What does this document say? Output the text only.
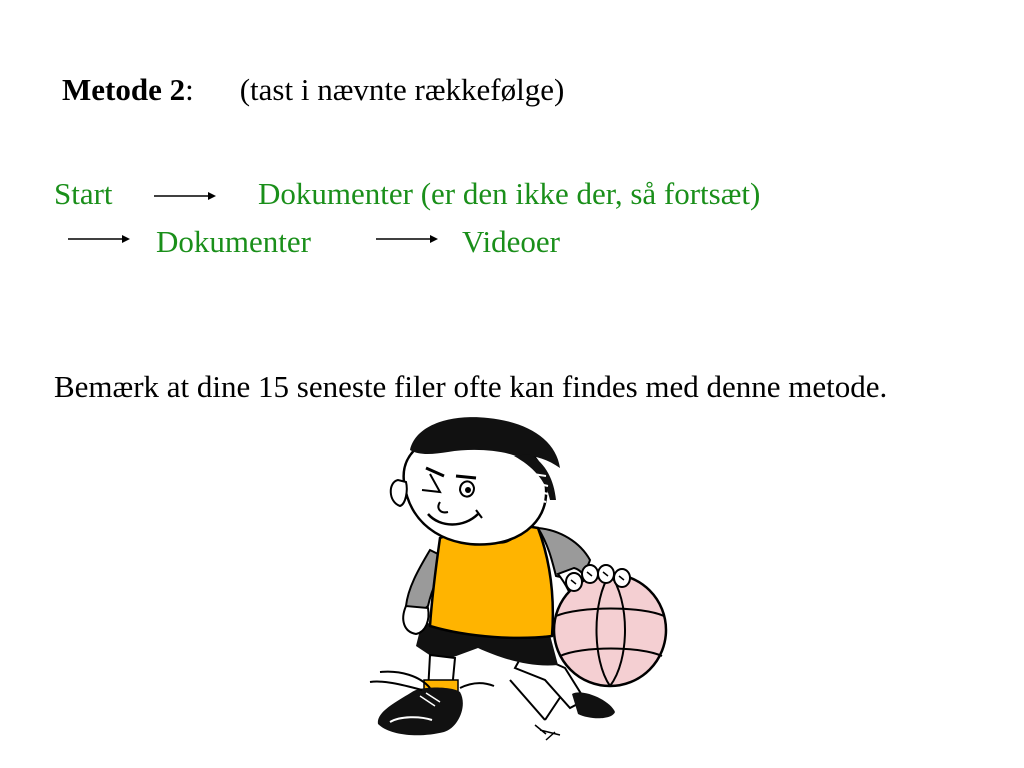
Metode 2: (tast i nævnte rækkefølge)
Start	Dokumenter (er den ikke der, så fortsæt)
Dokumenter	Videoer
Bemærk at dine 15 seneste filer ofte kan findes med denne metode.
